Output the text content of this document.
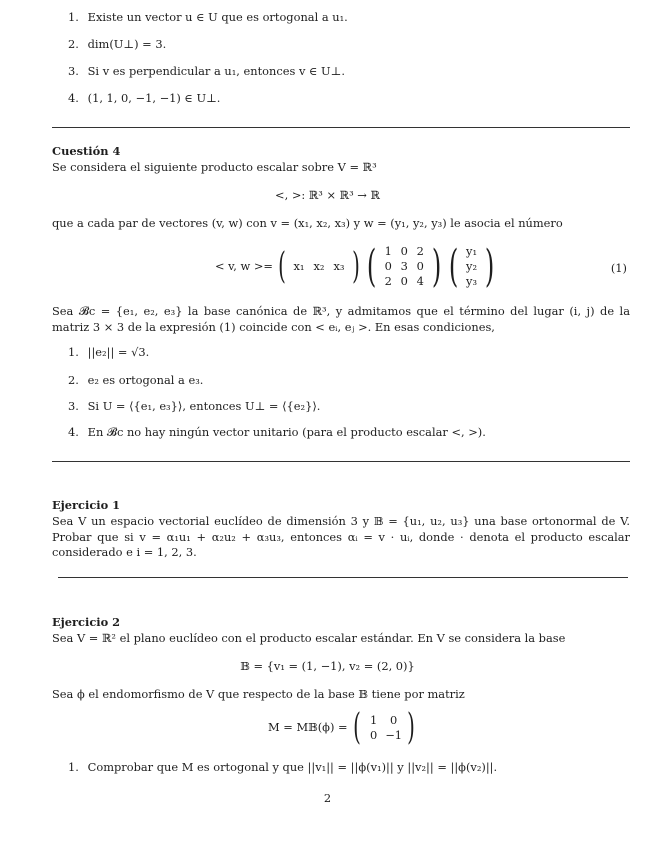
1. Existe un vector u ∈ U que es ortogonal a u₁.
2. dim(U⊥) = 3.
3. Si v es perpendicular a u₁, entonces v ∈ U⊥.
4. (1, 1, 0, −1, −1) ∈ U⊥.
Cuestión 4
Se considera el siguiente producto escalar sobre V = ℝ³
<, >: ℝ³ × ℝ³ → ℝ
que a cada par de vectores (v, w) con v = (x₁, x₂, x₃) y w = (y₁, y₂, y₃) le asocia el número
< v, w >= ( x₁ x₂ x₃ ) ( 1 0 2
0 3 0
2 0 4 ) ( y₁
y₂
y₃ )	(1)
Sea 𝓑c = {e₁, e₂, e₃} la base canónica de ℝ³, y admitamos que el término del lugar (i, j) de la matriz 3 × 3 de la expresión (1) coincide con < eᵢ, eⱼ >. En esas condiciones,
1. ||e₂|| = √3.
2. e₂ es ortogonal a e₃.
3. Si U = ⟨{e₁, e₃}⟩, entonces U⊥ = ⟨{e₂}⟩.
4. En 𝓑c no hay ningún vector unitario (para el producto escalar <, >).
Ejercicio 1
Sea V un espacio vectorial euclídeo de dimensión 3 y 𝔹 = {u₁, u₂, u₃} una base ortonormal de V. Probar que si v = α₁u₁ + α₂u₂ + α₃u₃, entonces αᵢ = v · uᵢ, donde · denota el producto escalar considerado e i = 1, 2, 3.
Ejercicio 2
Sea V = ℝ² el plano euclídeo con el producto escalar estándar. En V se considera la base
𝔹 = {v₁ = (1, −1), v₂ = (2, 0)}
Sea ϕ el endomorfismo de V que respecto de la base 𝔹 tiene por matriz
M = M𝔹(ϕ) = ( 1	0
0 −1 )
1. Comprobar que M es ortogonal y que ||v₁|| = ||ϕ(v₁)|| y ||v₂|| = ||ϕ(v₂)||.
2
